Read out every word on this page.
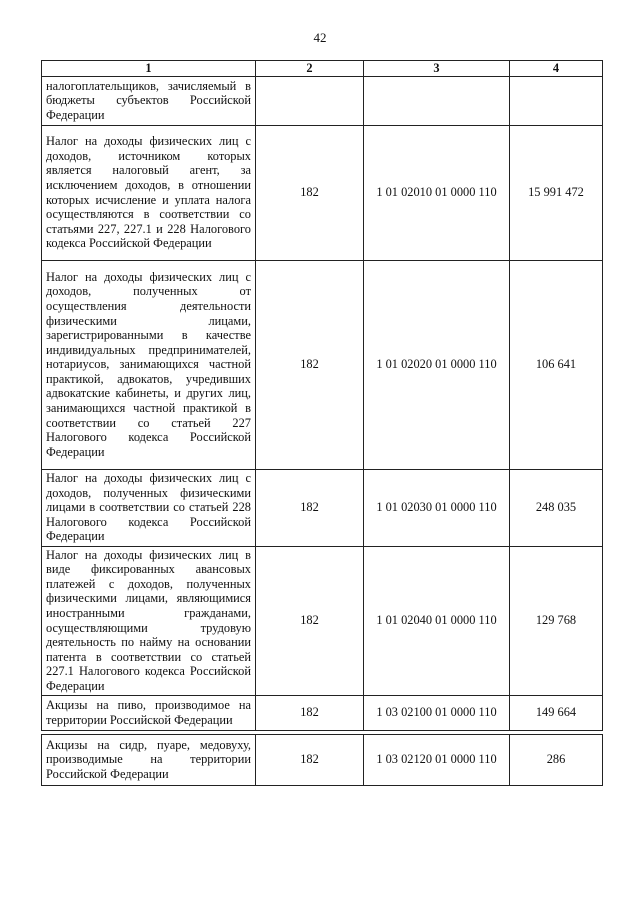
42
1	2	3	4
налогоплательщиков, зачисляемый в бюджеты субъектов Российской Федерации			
Налог на доходы физических лиц с доходов, источником которых является налоговый агент, за исключением доходов, в отношении которых исчисление и уплата налога осуществляются в соответствии со статьями 227, 227.1 и 228 Налогового кодекса Российской Федерации	182	1 01 02010 01 0000 110	15 991 472
Налог на доходы физических лиц с доходов, полученных от осуществления деятельности физическими лицами, зарегистрированными в качестве индивидуальных предпринимателей, нотариусов, занимающихся частной практикой, адвокатов, учредивших адвокатские кабинеты, и других лиц, занимающихся частной практикой в соответствии со статьей 227 Налогового кодекса Российской Федерации	182	1 01 02020 01 0000 110	106 641
Налог на доходы физических лиц с доходов, полученных физическими лицами в соответствии со статьей 228 Налогового кодекса Российской Федерации	182	1 01 02030 01 0000 110	248 035
Налог на доходы физических лиц в виде фиксированных авансовых платежей с доходов, полученных физическими лицами, являющимися иностранными гражданами, осуществляющими трудовую деятельность по найму на основании патента в соответствии со статьей 227.1 Налогового кодекса Российской Федерации	182	1 01 02040 01 0000 110	129 768
Акцизы на пиво, производимое на территории Российской Федерации	182	1 03 02100 01 0000 110	149 664

Акцизы на сидр, пуаре, медовуху, производимые на территории Российской Федерации	182	1 03 02120 01 0000 110	286
